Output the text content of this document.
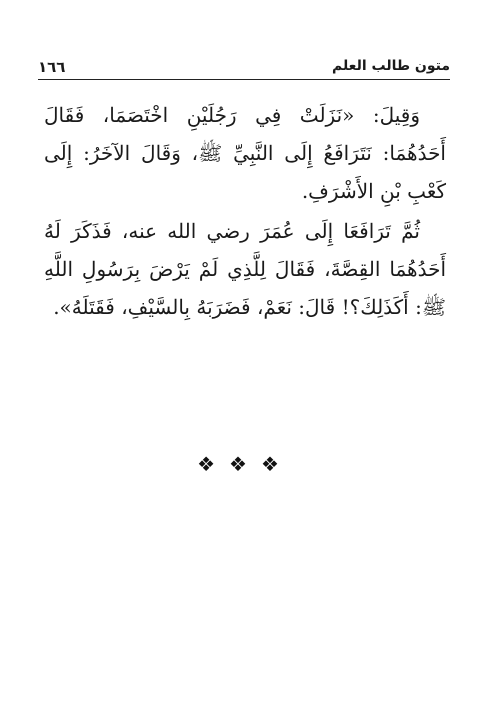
متون طالب العلم
١٦٦

وَقِيلَ: «نَزَلَتْ فِي رَجُلَيْنِ اخْتَصَمَا، فَقَالَ أَحَدُهُمَا: نَتَرَافَعُ إِلَى النَّبِيِّ ﷺ، وَقَالَ الآخَرُ: إِلَى كَعْبِ بْنِ الأَشْرَفِ.

ثُمَّ تَرَافَعَا إِلَى عُمَرَ رضي الله عنه، فَذَكَرَ لَهُ أَحَدُهُمَا القِصَّةَ، فَقَالَ لِلَّذِي لَمْ يَرْضَ بِرَسُولِ اللَّهِ ﷺ: أَكَذَلِكَ؟! قَالَ: نَعَمْ، فَضَرَبَهُ بِالسَّيْفِ، فَقَتَلَهُ».

❖❖❖
